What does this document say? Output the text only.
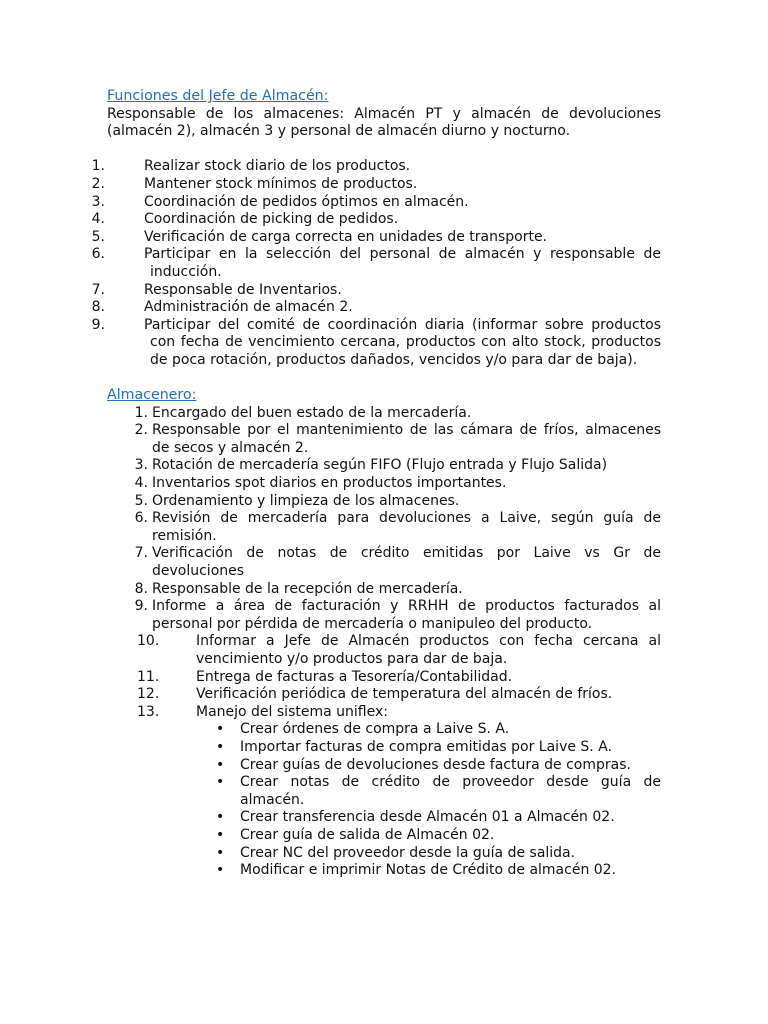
Funciones del Jefe de Almacén:

Responsable de los almacenes: Almacén PT y almacén de devoluciones (almacén 2), almacén 3 y personal de almacén diurno y nocturno.

1.	Realizar stock diario de los productos.
2.	Mantener stock mínimos de productos.
3.	Coordinación de pedidos óptimos en almacén.
4.	Coordinación de picking de pedidos.
5.	Verificación de carga correcta en unidades de transporte.
6.	Participar en la selección del personal de almacén y responsable de inducción.
7.	Responsable de Inventarios.
8.	Administración de almacén 2.
9.	Participar del comité de coordinación diaria (informar sobre productos con fecha de vencimiento cercana, productos con alto stock, productos de poca rotación, productos dañados, vencidos y/o para dar de baja).

Almacenero:

1. Encargado del buen estado de la mercadería.
2. Responsable por el mantenimiento de las cámara de fríos, almacenes de secos y almacén 2.
3. Rotación de mercadería según FIFO (Flujo entrada y Flujo Salida)
4. Inventarios spot diarios en productos importantes.
5. Ordenamiento y limpieza de los almacenes.
6. Revisión de mercadería para devoluciones a Laive, según guía de remisión.
7. Verificación de notas de crédito emitidas por Laive vs Gr de devoluciones
8. Responsable de la recepción de mercadería.
9. Informe a área de facturación y RRHH de productos facturados al personal por pérdida de mercadería o manipuleo del producto.
10.	Informar a Jefe de Almacén productos con fecha cercana al vencimiento y/o productos para dar de baja.
11.	Entrega de facturas a Tesorería/Contabilidad.
12.	Verificación periódica de temperatura del almacén de fríos.
13.	Manejo del sistema uniflex:
• Crear órdenes de compra a Laive S. A.
• Importar facturas de compra emitidas por Laive S. A.
• Crear guías de devoluciones desde factura de compras.
• Crear notas de crédito de proveedor desde guía de almacén.
• Crear transferencia desde Almacén 01 a Almacén 02.
• Crear guía de salida de Almacén 02.
• Crear NC del proveedor desde la guía de salida.
• Modificar e imprimir Notas de Crédito de almacén 02.
